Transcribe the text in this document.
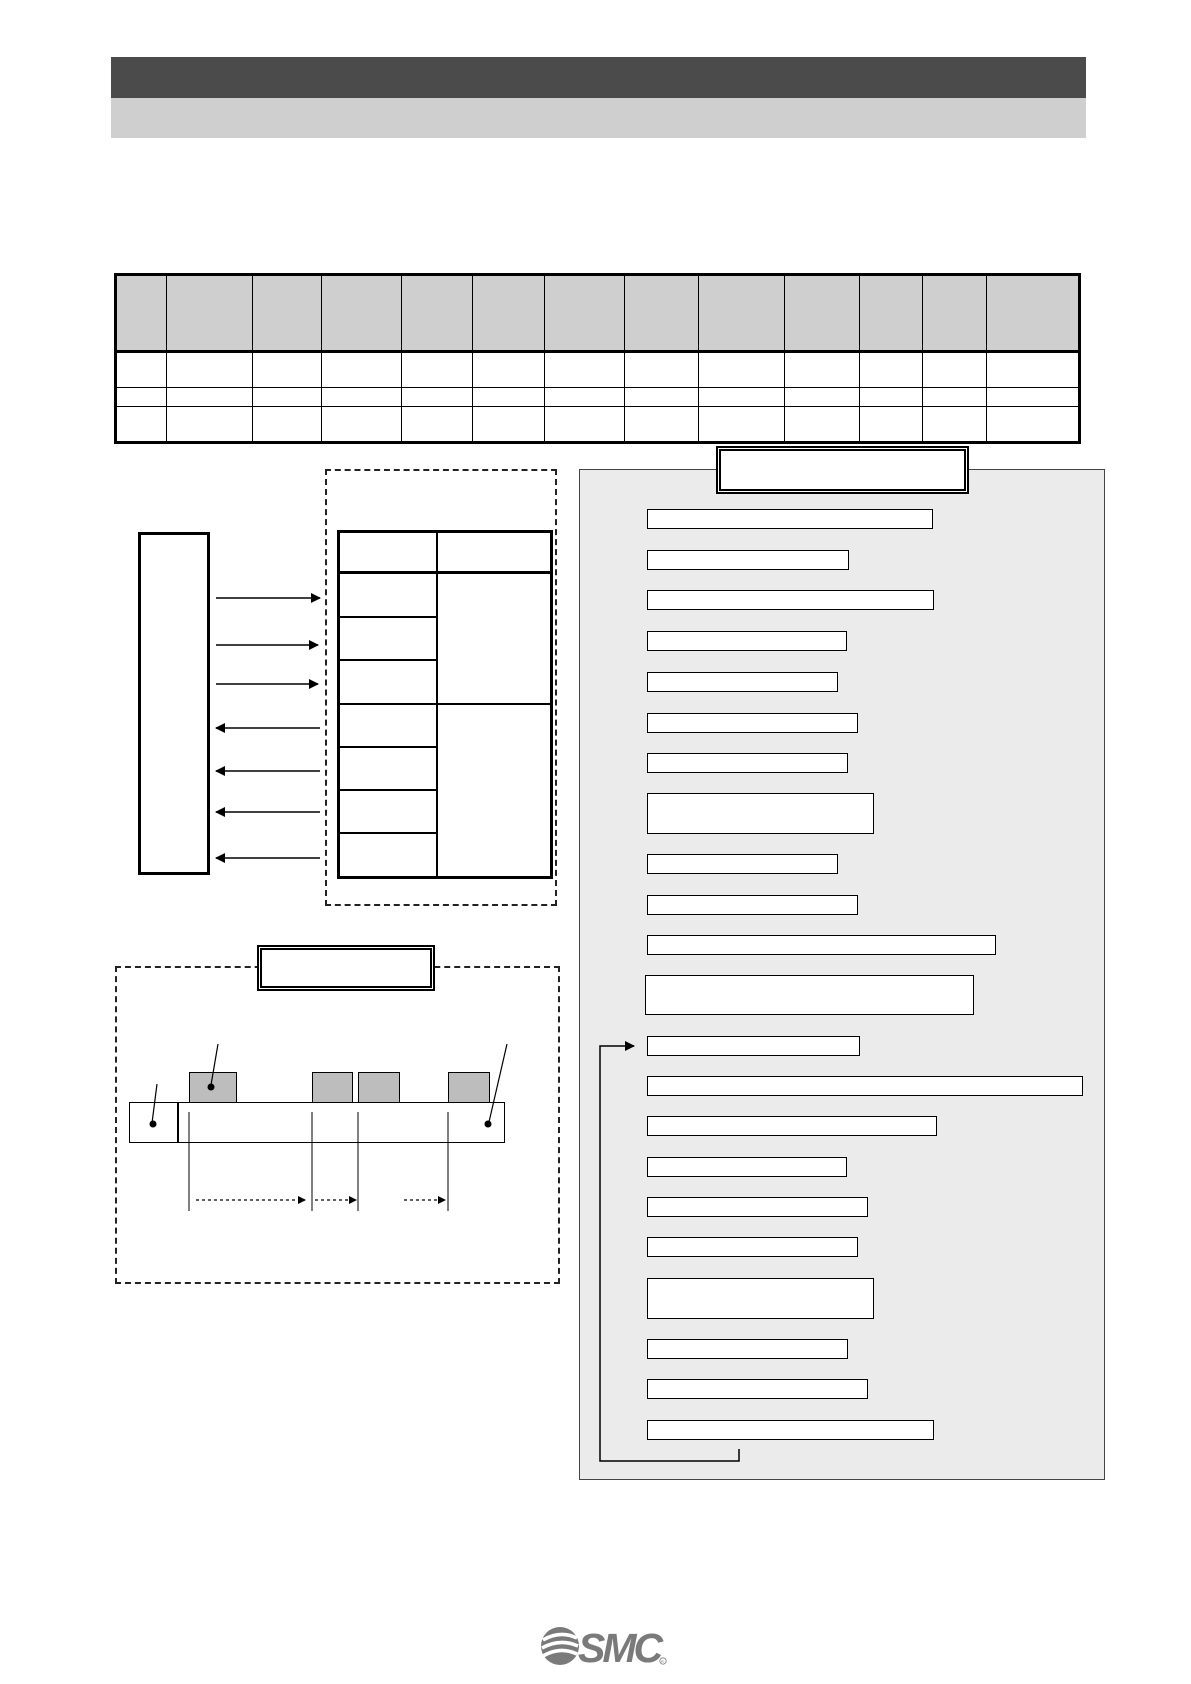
SMC R
